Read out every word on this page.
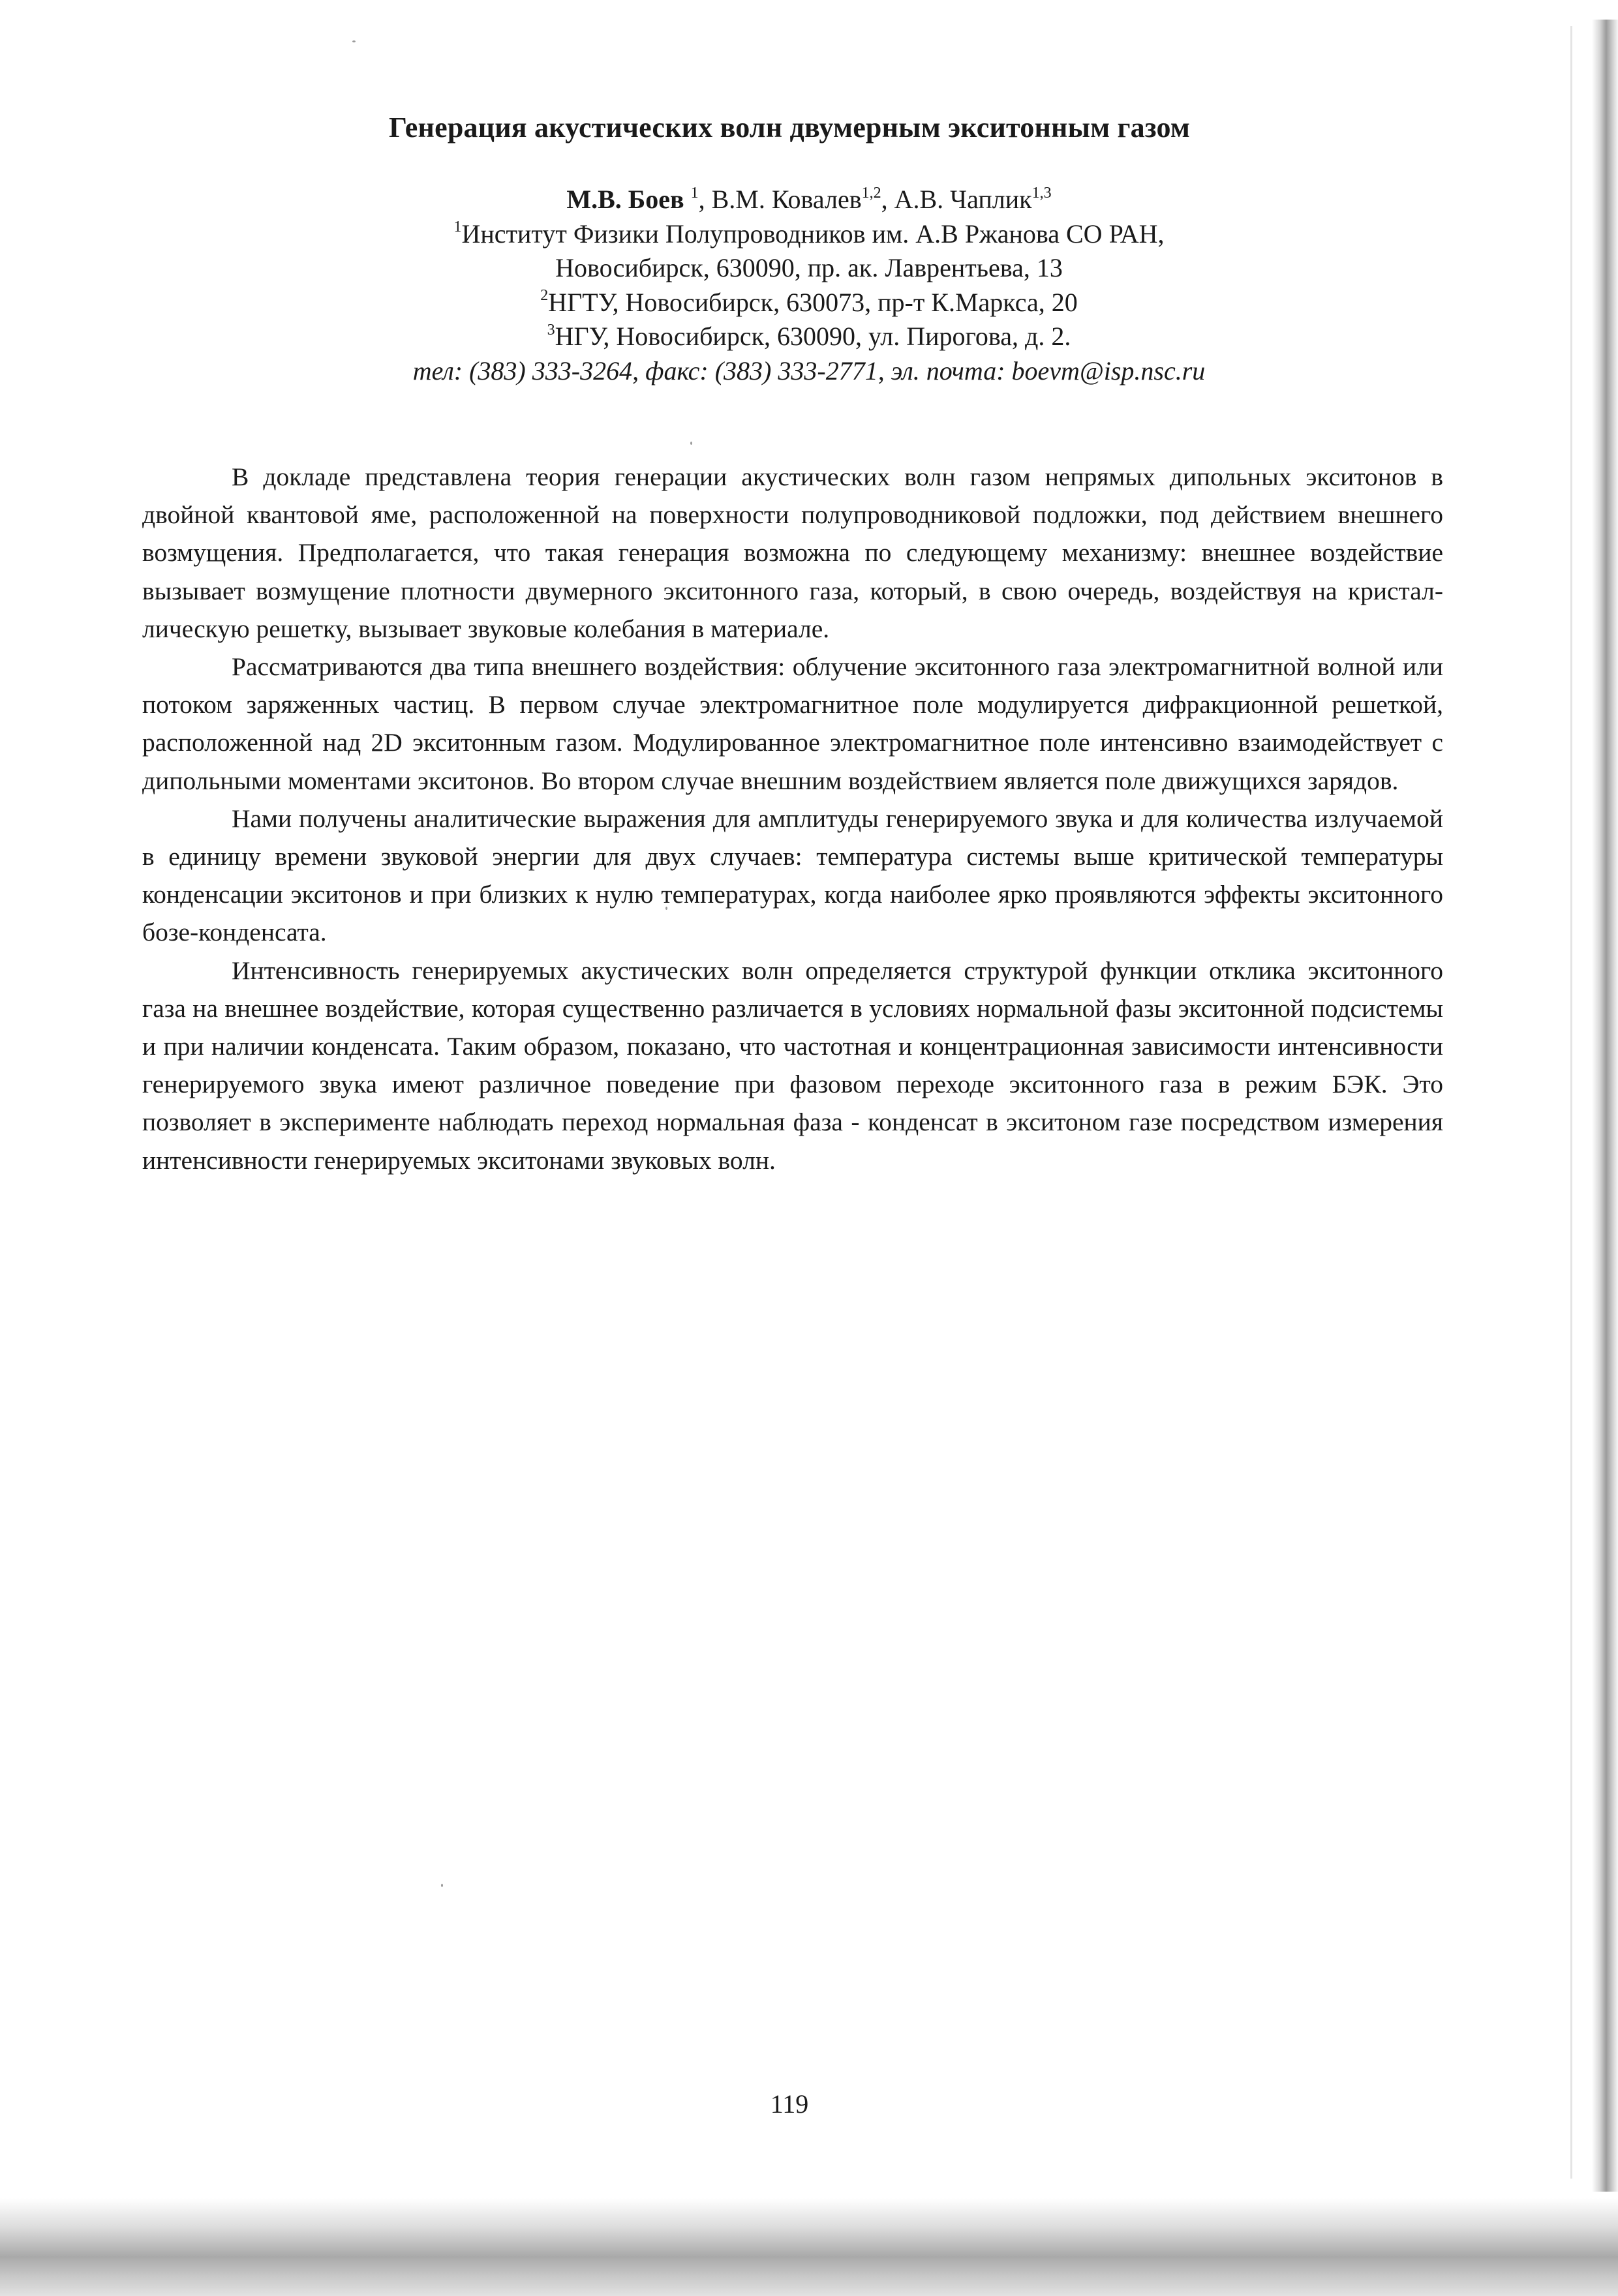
Генерация акустических волн двумерным экситонным газом
М.В. Боев $^1$, В.М. Ковалев$^{1,2}$, А.В. Чаплик$^{1,3}$
$^1$Институт Физики Полупроводников им. А.В Ржанова СО РАН,
Новосибирск, 630090, пр. ак. Лаврентьева, 13
$^2$НГТУ, Новосибирск, 630073, пр-т К.Маркса, 20
$^3$НГУ, Новосибирск, 630090, ул. Пирогова, д. 2.
тел: (383) 333-3264, факс: (383) 333-2771, эл. почта: boevm@isp.nsc.ru

В докладе представлена теория генерации акустических волн газом непрямых дипольных экситонов в двойной квантовой яме, расположенной на поверхности полупроводниковой подложки, под действием внешнего возмущения. Предполагается, что такая генерация возможна по следующему механизму: внешнее воздействие вызывает возмущение плотности двумерного экситонного газа, который, в свою очередь, воздействуя на кристаллическую решетку, вызывает звуковые колебания в материале.

Рассматриваются два типа внешнего воздействия: облучение экситонного газа электромагнитной волной или потоком заряженных частиц. В первом случае электромагнитное поле модулируется дифракционной решеткой, расположенной над 2D экситонным газом. Модулированное электромагнитное поле интенсивно взаимодействует с дипольными моментами экситонов. Во втором случае внешним воздействием является поле движущихся зарядов.

Нами получены аналитические выражения для амплитуды генерируемого звука и для количества излучаемой в единицу времени звуковой энергии для двух случаев: температура системы выше критической температуры конденсации экситонов и при близких к нулю температурах, когда наиболее ярко проявляются эффекты экситонного бозе-конденсата.

Интенсивность генерируемых акустических волн определяется структурой функции отклика экситонного газа на внешнее воздействие, которая существенно различается в условиях нормальной фазы экситонной подсистемы и при наличии конденсата. Таким образом, показано, что частотная и концентрационная зависимости интенсивности генерируемого звука имеют различное поведение при фазовом переходе экситонного газа в режим БЭК. Это позволяет в эксперименте наблюдать переход нормальная фаза - конденсат в экситоном газе посредством измерения интенсивности генерируемых экситонами звуковых волн.

119
